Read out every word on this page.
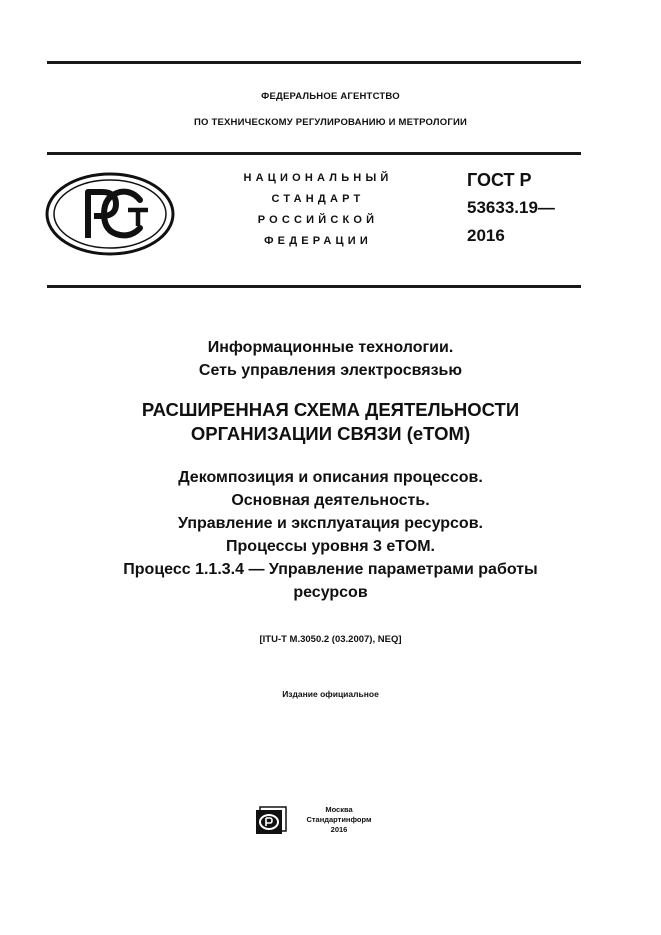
ФЕДЕРАЛЬНОЕ АГЕНТСТВО
ПО ТЕХНИЧЕСКОМУ РЕГУЛИРОВАНИЮ И МЕТРОЛОГИИ
НАЦИОНАЛЬНЫЙ
СТАНДАРТ
РОССИЙСКОЙ
ФЕДЕРАЦИИ
ГОСТ Р
53633.19—
2016
Информационные технологии.
Сеть управления электросвязью
РАСШИРЕННАЯ СХЕМА ДЕЯТЕЛЬНОСТИ
ОРГАНИЗАЦИИ СВЯЗИ (eTOM)
Декомпозиция и описания процессов.
Основная деятельность.
Управление и эксплуатация ресурсов.
Процессы уровня 3 eTOM.
Процесс 1.1.3.4 — Управление параметрами работы
ресурсов
[ITU-T M.3050.2 (03.2007), NEQ]
Издание официальное
Москва
Стандартинформ
2016
